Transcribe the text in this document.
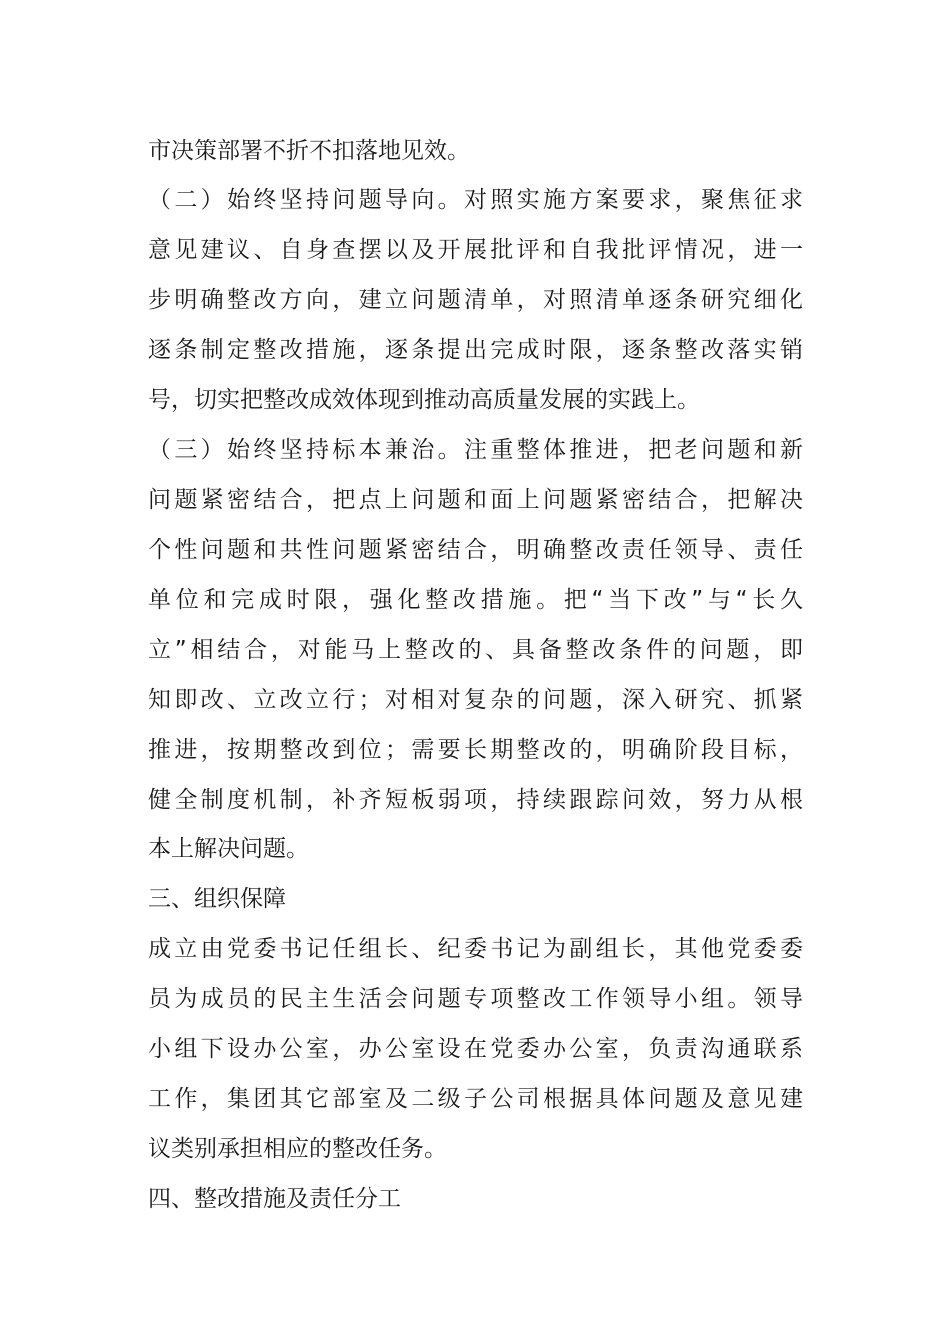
市决策部署不折不扣落地见效。
（二）始终坚持问题导向。对照实施方案要求，聚焦征求
意见建议、自身查摆以及开展批评和自我批评情况，进一
步明确整改方向，建立问题清单，对照清单逐条研究细化
逐条制定整改措施，逐条提出完成时限，逐条整改落实销
号，切实把整改成效体现到推动高质量发展的实践上。
（三）始终坚持标本兼治。注重整体推进，把老问题和新
问题紧密结合，把点上问题和面上问题紧密结合，把解决
个性问题和共性问题紧密结合，明确整改责任领导、责任
单位和完成时限，强化整改措施。把“当下改”与“长久
立”相结合，对能马上整改的、具备整改条件的问题，即
知即改、立改立行；对相对复杂的问题，深入研究、抓紧
推进，按期整改到位；需要长期整改的，明确阶段目标，
健全制度机制，补齐短板弱项，持续跟踪问效，努力从根
本上解决问题。
三、组织保障
成立由党委书记任组长、纪委书记为副组长，其他党委委
员为成员的民主生活会问题专项整改工作领导小组。领导
小组下设办公室，办公室设在党委办公室，负责沟通联系
工作，集团其它部室及二级子公司根据具体问题及意见建
议类别承担相应的整改任务。
四、整改措施及责任分工
